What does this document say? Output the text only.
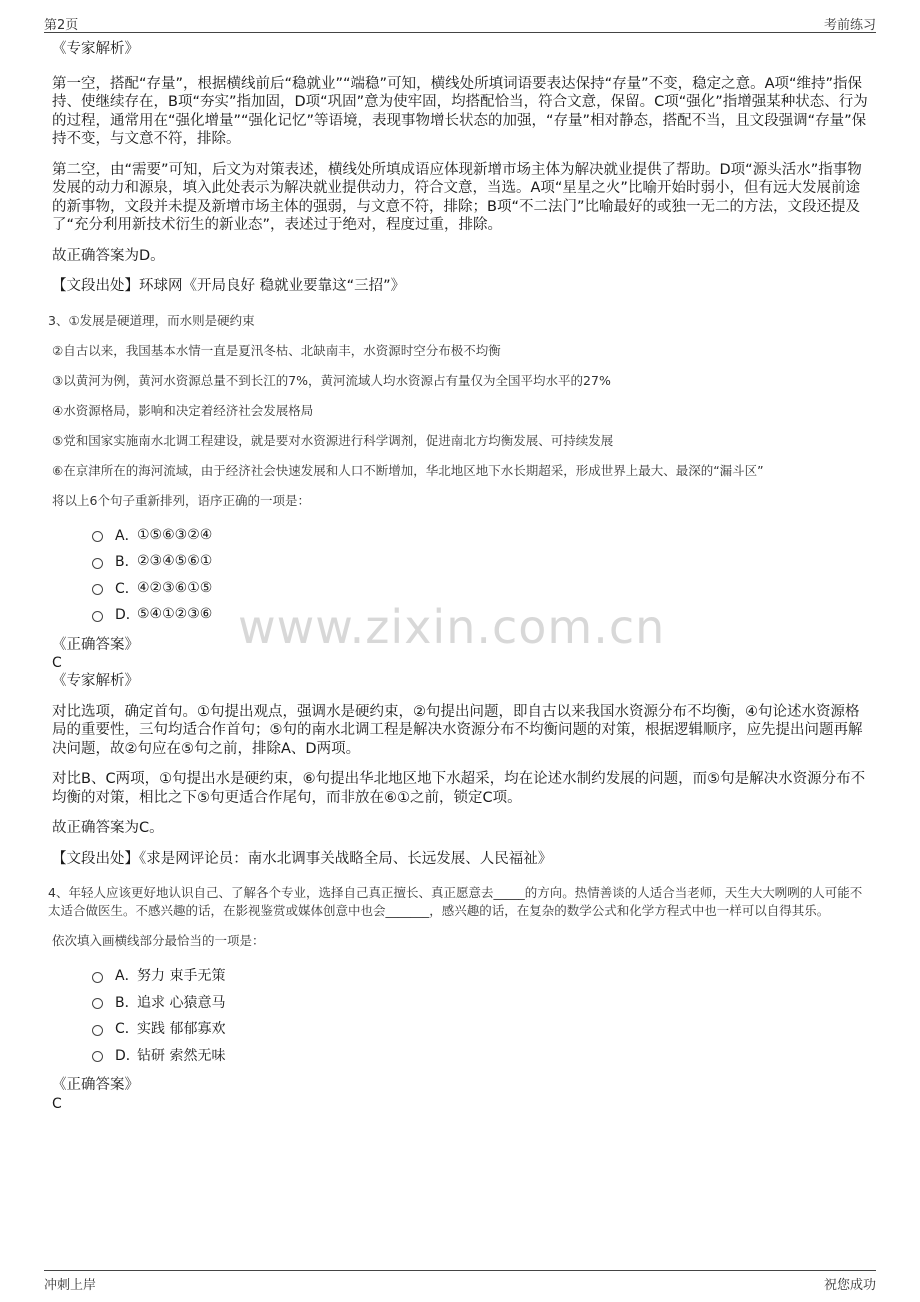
第2页	考前练习
www.zixin.com.cn

《专家解析》

第一空，搭配“存量”，根据横线前后“稳就业”“端稳”可知，横线处所填词语要表达保持“存量”不变，稳定之意。A项“维持”指保持、使继续存在，B项“夯实”指加固，D项“巩固”意为使牢固，均搭配恰当，符合文意，保留。C项“强化”指增强某种状态、行为的过程，通常用在“强化增量”“强化记忆”等语境，表现事物增长状态的加强，“存量”相对静态，搭配不当，且文段强调“存量”保持不变，与文意不符，排除。

第二空，由“需要”可知，后文为对策表述，横线处所填成语应体现新增市场主体为解决就业提供了帮助。D项“源头活水”指事物发展的动力和源泉，填入此处表示为解决就业提供动力，符合文意，当选。A项“星星之火”比喻开始时弱小，但有远大发展前途的新事物，文段并未提及新增市场主体的强弱，与文意不符，排除；B项“不二法门”比喻最好的或独一无二的方法，文段还提及了“充分利用新技术衍生的新业态”，表述过于绝对，程度过重，排除。

故正确答案为D。

【文段出处】环球网《开局良好 稳就业要靠这“三招”》

3、①发展是硬道理，而水则是硬约束

②自古以来，我国基本水情一直是夏汛冬枯、北缺南丰，水资源时空分布极不均衡

③以黄河为例，黄河水资源总量不到长江的7%，黄河流域人均水资源占有量仅为全国平均水平的27%

④水资源格局，影响和决定着经济社会发展格局

⑤党和国家实施南水北调工程建设，就是要对水资源进行科学调剂，促进南北方均衡发展、可持续发展

⑥在京津所在的海河流域，由于经济社会快速发展和人口不断增加，华北地区地下水长期超采，形成世界上最大、最深的“漏斗区”

将以上6个句子重新排列，语序正确的一项是：

A．
①⑤⑥③②④
B．
②③④⑤⑥①
C．
④②③⑥①⑤
D．
⑤④①②③⑥

《正确答案》

C

《专家解析》

对比选项，确定首句。①句提出观点，强调水是硬约束，②句提出问题，即自古以来我国水资源分布不均衡，④句论述水资源格局的重要性，三句均适合作首句；⑤句的南水北调工程是解决水资源分布不均衡问题的对策，根据逻辑顺序，应先提出问题再解决问题，故②句应在⑤句之前，排除A、D两项。

对比B、C两项，①句提出水是硬约束，⑥句提出华北地区地下水超采，均在论述水制约发展的问题，而⑤句是解决水资源分布不均衡的对策，相比之下⑤句更适合作尾句，而非放在⑥①之前，锁定C项。

故正确答案为C。

【文段出处】《求是网评论员：南水北调事关战略全局、长远发展、人民福祉》

4、年轻人应该更好地认识自己、了解各个专业，选择自己真正擅长、真正愿意去_____的方向。热情善谈的人适合当老师，天生大大咧咧的人可能不太适合做医生。不感兴趣的话，在影视鉴赏或媒体创意中也会_______，感兴趣的话，在复杂的数学公式和化学方程式中也一样可以自得其乐。

依次填入画横线部分最恰当的一项是：

A．
努力 束手无策
B．
追求 心猿意马
C．
实践 郁郁寡欢
D．
钻研 索然无味

《正确答案》

C

冲刺上岸	祝您成功
